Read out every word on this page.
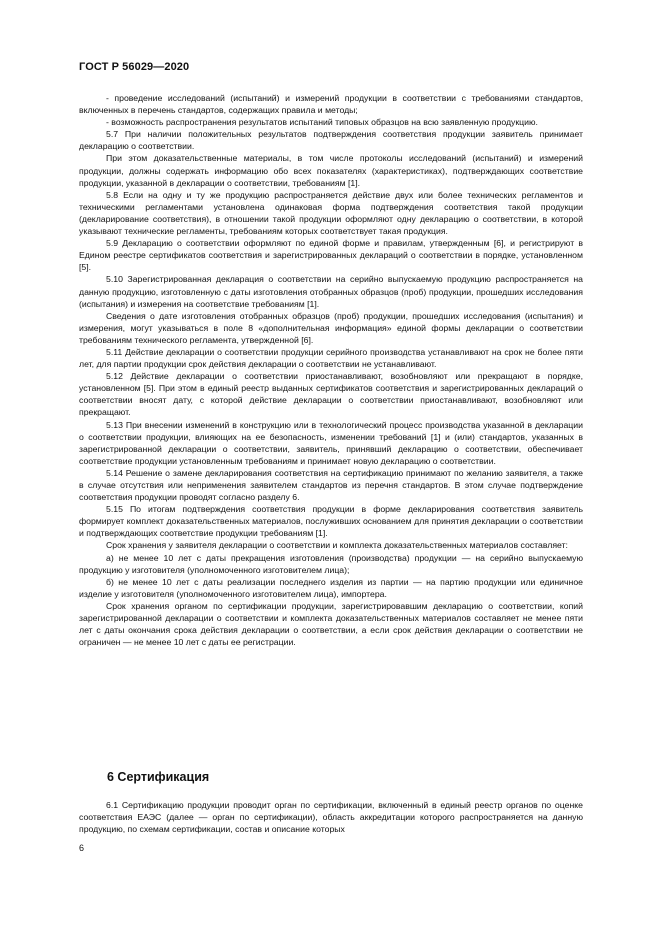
ГОСТ Р 56029—2020

- проведение исследований (испытаний) и измерений продукции в соответствии с требованиями стандартов, включенных в перечень стандартов, содержащих правила и методы;

- возможность распространения результатов испытаний типовых образцов на всю заявленную продукцию.

5.7 При наличии положительных результатов подтверждения соответствия продукции заявитель принимает декларацию о соответствии.

При этом доказательственные материалы, в том числе протоколы исследований (испытаний) и измерений продукции, должны содержать информацию обо всех показателях (характеристиках), подтверждающих соответствие продукции, указанной в декларации о соответствии, требованиям [1].

5.8 Если на одну и ту же продукцию распространяется действие двух или более технических регламентов и техническими регламентами установлена одинаковая форма подтверждения соответствия такой продукции (декларирование соответствия), в отношении такой продукции оформляют одну декларацию о соответствии, в которой указывают технические регламенты, требованиям которых соответствует такая продукция.

5.9 Декларацию о соответствии оформляют по единой форме и правилам, утвержденным [6], и регистрируют в Едином реестре сертификатов соответствия и зарегистрированных деклараций о соответствии в порядке, установленном [5].

5.10 Зарегистрированная декларация о соответствии на серийно выпускаемую продукцию распространяется на данную продукцию, изготовленную с даты изготовления отобранных образцов (проб) продукции, прошедших исследования (испытания) и измерения на соответствие требованиям [1].

Сведения о дате изготовления отобранных образцов (проб) продукции, прошедших исследования (испытания) и измерения, могут указываться в поле 8 «дополнительная информация» единой формы декларации о соответствии требованиям технического регламента, утвержденной [6].

5.11 Действие декларации о соответствии продукции серийного производства устанавливают на срок не более пяти лет, для партии продукции срок действия декларации о соответствии не устанавливают.

5.12 Действие декларации о соответствии приостанавливают, возобновляют или прекращают в порядке, установленном [5]. При этом в единый реестр выданных сертификатов соответствия и зарегистрированных деклараций о соответствии вносят дату, с которой действие декларации о соответствии приостанавливают, возобновляют или прекращают.

5.13 При внесении изменений в конструкцию или в технологический процесс производства указанной в декларации о соответствии продукции, влияющих на ее безопасность, изменении требований [1] и (или) стандартов, указанных в зарегистрированной декларации о соответствии, заявитель, принявший декларацию о соответствии, обеспечивает соответствие продукции установленным требованиям и принимает новую декларацию о соответствии.

5.14 Решение о замене декларирования соответствия на сертификацию принимают по желанию заявителя, а также в случае отсутствия или неприменения заявителем стандартов из перечня стандартов. В этом случае подтверждение соответствия продукции проводят согласно разделу 6.

5.15 По итогам подтверждения соответствия продукции в форме декларирования соответствия заявитель формирует комплект доказательственных материалов, послуживших основанием для принятия декларации о соответствии и подтверждающих соответствие продукции требованиям [1].

Срок хранения у заявителя декларации о соответствии и комплекта доказательственных материалов составляет:

а) не менее 10 лет с даты прекращения изготовления (производства) продукции — на серийно выпускаемую продукцию у изготовителя (уполномоченного изготовителем лица);

б) не менее 10 лет с даты реализации последнего изделия из партии — на партию продукции или единичное изделие у изготовителя (уполномоченного изготовителем лица), импортера.

Срок хранения органом по сертификации продукции, зарегистрировавшим декларацию о соответствии, копий зарегистрированной декларации о соответствии и комплекта доказательственных материалов составляет не менее пяти лет с даты окончания срока действия декларации о соответствии, а если срок действия декларации о соответствии не ограничен — не менее 10 лет с даты ее регистрации.

6 Сертификация

6.1 Сертификацию продукции проводит орган по сертификации, включенный в единый реестр органов по оценке соответствия ЕАЭС (далее — орган по сертификации), область аккредитации которого распространяется на данную продукцию, по схемам сертификации, состав и описание которых

6
